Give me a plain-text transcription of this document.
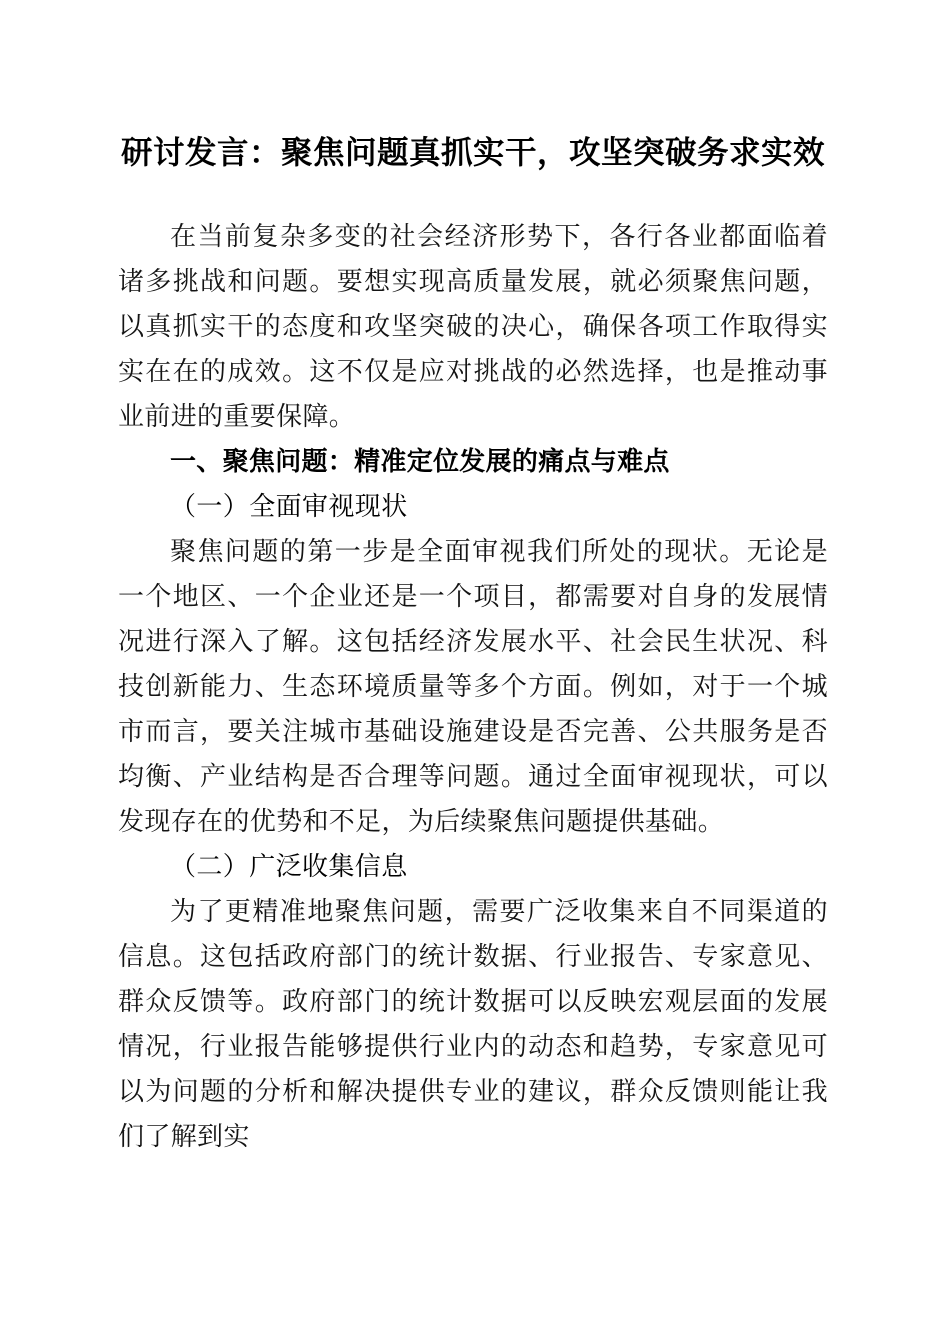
研讨发言：聚焦问题真抓实干，攻坚突破务求实效

在当前复杂多变的社会经济形势下，各行各业都面临着诸多挑战和问题。要想实现高质量发展，就必须聚焦问题，以真抓实干的态度和攻坚突破的决心，确保各项工作取得实实在在的成效。这不仅是应对挑战的必然选择，也是推动事业前进的重要保障。

一、聚焦问题：精准定位发展的痛点与难点

（一）全面审视现状

聚焦问题的第一步是全面审视我们所处的现状。无论是一个地区、一个企业还是一个项目，都需要对自身的发展情况进行深入了解。这包括经济发展水平、社会民生状况、科技创新能力、生态环境质量等多个方面。例如，对于一个城市而言，要关注城市基础设施建设是否完善、公共服务是否均衡、产业结构是否合理等问题。通过全面审视现状，可以发现存在的优势和不足，为后续聚焦问题提供基础。

（二）广泛收集信息

为了更精准地聚焦问题，需要广泛收集来自不同渠道的信息。这包括政府部门的统计数据、行业报告、专家意见、群众反馈等。政府部门的统计数据可以反映宏观层面的发展情况，行业报告能够提供行业内的动态和趋势，专家意见可以为问题的分析和解决提供专业的建议，群众反馈则能让我们了解到实
